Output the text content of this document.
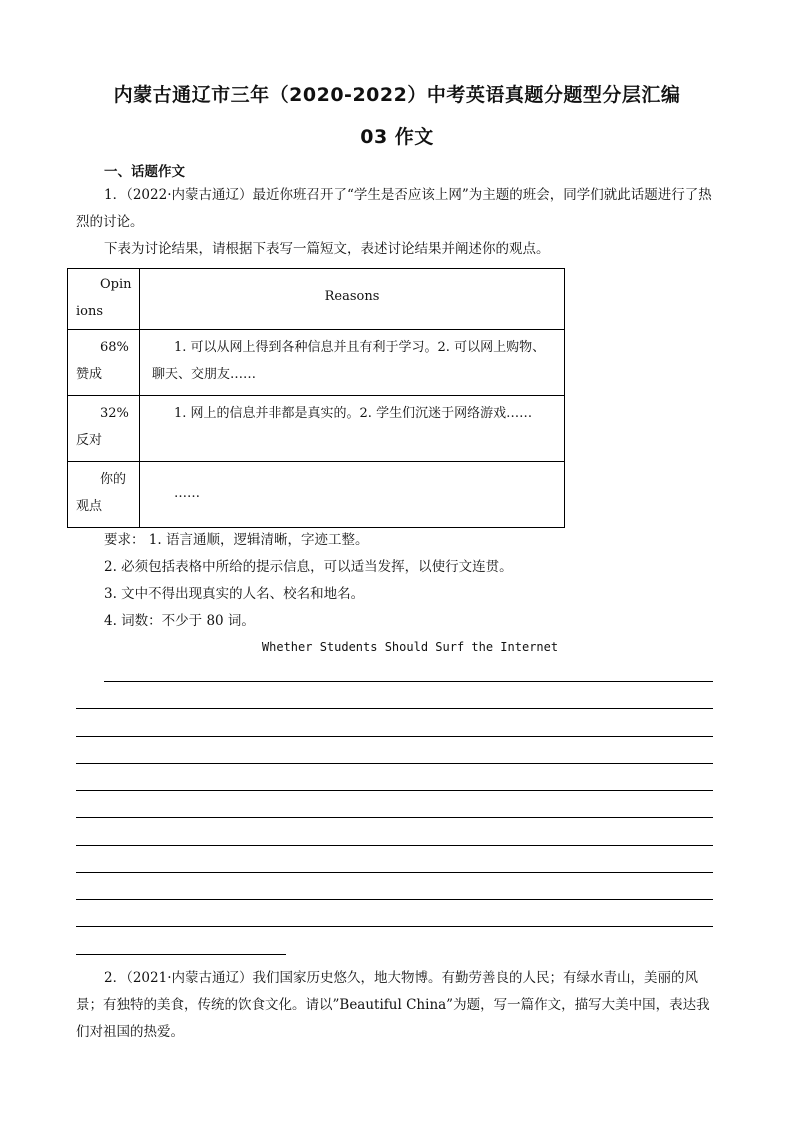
内蒙古通辽市三年（2020-2022）中考英语真题分题型分层汇编
03 作文
一、话题作文
1．（2022·内蒙古通辽）最近你班召开了“学生是否应该上网”为主题的班会，同学们就此话题进行了热烈的讨论。
下表为讨论结果，请根据下表写一篇短文，表述讨论结果并阐述你的观点。
Opin
ions	Reasons

68%
赞成	1. 可以从网上得到各种信息并且有利于学习。2. 可以网上购物、聊天、交朋友……

32%
反对	1. 网上的信息并非都是真实的。2. 学生们沉迷于网络游戏……

你的
观点	……
要求： 1. 语言通顺，逻辑清晰，字迹工整。
2. 必须包括表格中所给的提示信息，可以适当发挥，以使行文连贯。
3. 文中不得出现真实的人名、校名和地名。
4. 词数：不少于 80 词。
Whether Students Should Surf the Internet
2．（2021·内蒙古通辽）我们国家历史悠久，地大物博。有勤劳善良的人民；有绿水青山，美丽的风景；有独特的美食，传统的饮食文化。请以”Beautiful China”为题，写一篇作文，描写大美中国，表达我们对祖国的热爱。
